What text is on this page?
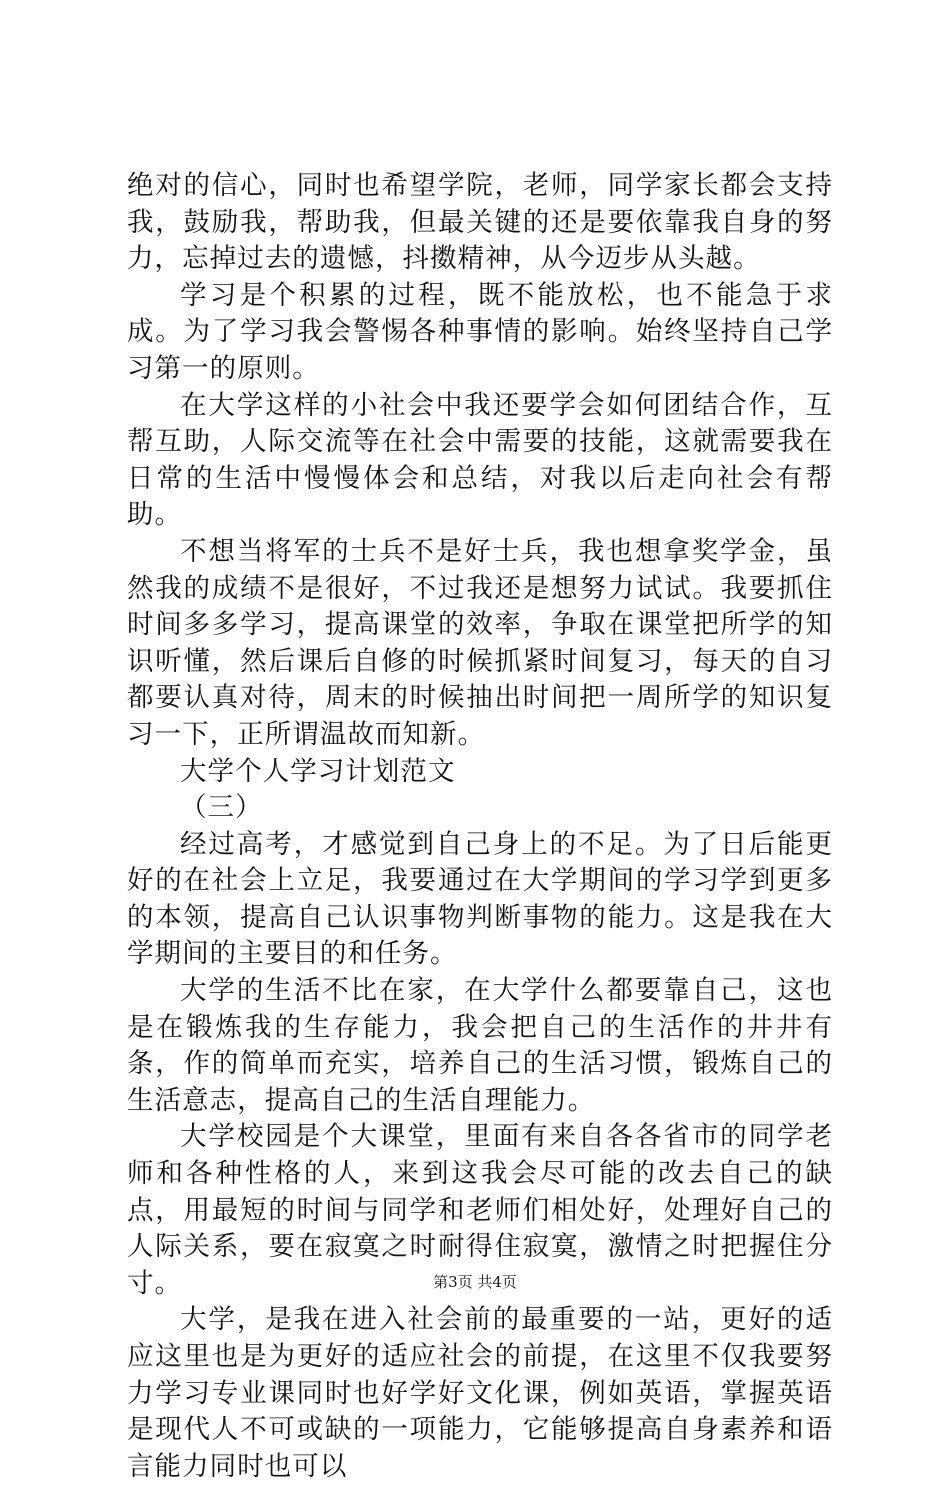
绝对的信心，同时也希望学院，老师，同学家长都会支持我，鼓励我，帮助我，但最关键的还是要依靠我自身的努力，忘掉过去的遗憾，抖擞精神，从今迈步从头越。

学习是个积累的过程，既不能放松，也不能急于求成。为了学习我会警惕各种事情的影响。始终坚持自己学习第一的原则。

在大学这样的小社会中我还要学会如何团结合作，互帮互助，人际交流等在社会中需要的技能，这就需要我在日常的生活中慢慢体会和总结，对我以后走向社会有帮助。

不想当将军的士兵不是好士兵，我也想拿奖学金，虽然我的成绩不是很好，不过我还是想努力试试。我要抓住时间多多学习，提高课堂的效率，争取在课堂把所学的知识听懂，然后课后自修的时候抓紧时间复习，每天的自习都要认真对待，周末的时候抽出时间把一周所学的知识复习一下，正所谓温故而知新。

大学个人学习计划范文

（三）

经过高考，才感觉到自己身上的不足。为了日后能更好的在社会上立足，我要通过在大学期间的学习学到更多的本领，提高自己认识事物判断事物的能力。这是我在大学期间的主要目的和任务。

大学的生活不比在家，在大学什么都要靠自己，这也是在锻炼我的生存能力，我会把自己的生活作的井井有条，作的简单而充实，培养自己的生活习惯，锻炼自己的生活意志，提高自己的生活自理能力。

大学校园是个大课堂，里面有来自各各省市的同学老师和各种性格的人，来到这我会尽可能的改去自己的缺点，用最短的时间与同学和老师们相处好，处理好自己的人际关系，要在寂寞之时耐得住寂寞，激情之时把握住分寸。

大学，是我在进入社会前的最重要的一站，更好的适应这里也是为更好的适应社会的前提，在这里不仅我要努力学习专业课同时也好学好文化课，例如英语，掌握英语是现代人不可或缺的一项能力，它能够提高自身素养和语言能力同时也可以

第3页 共4页
